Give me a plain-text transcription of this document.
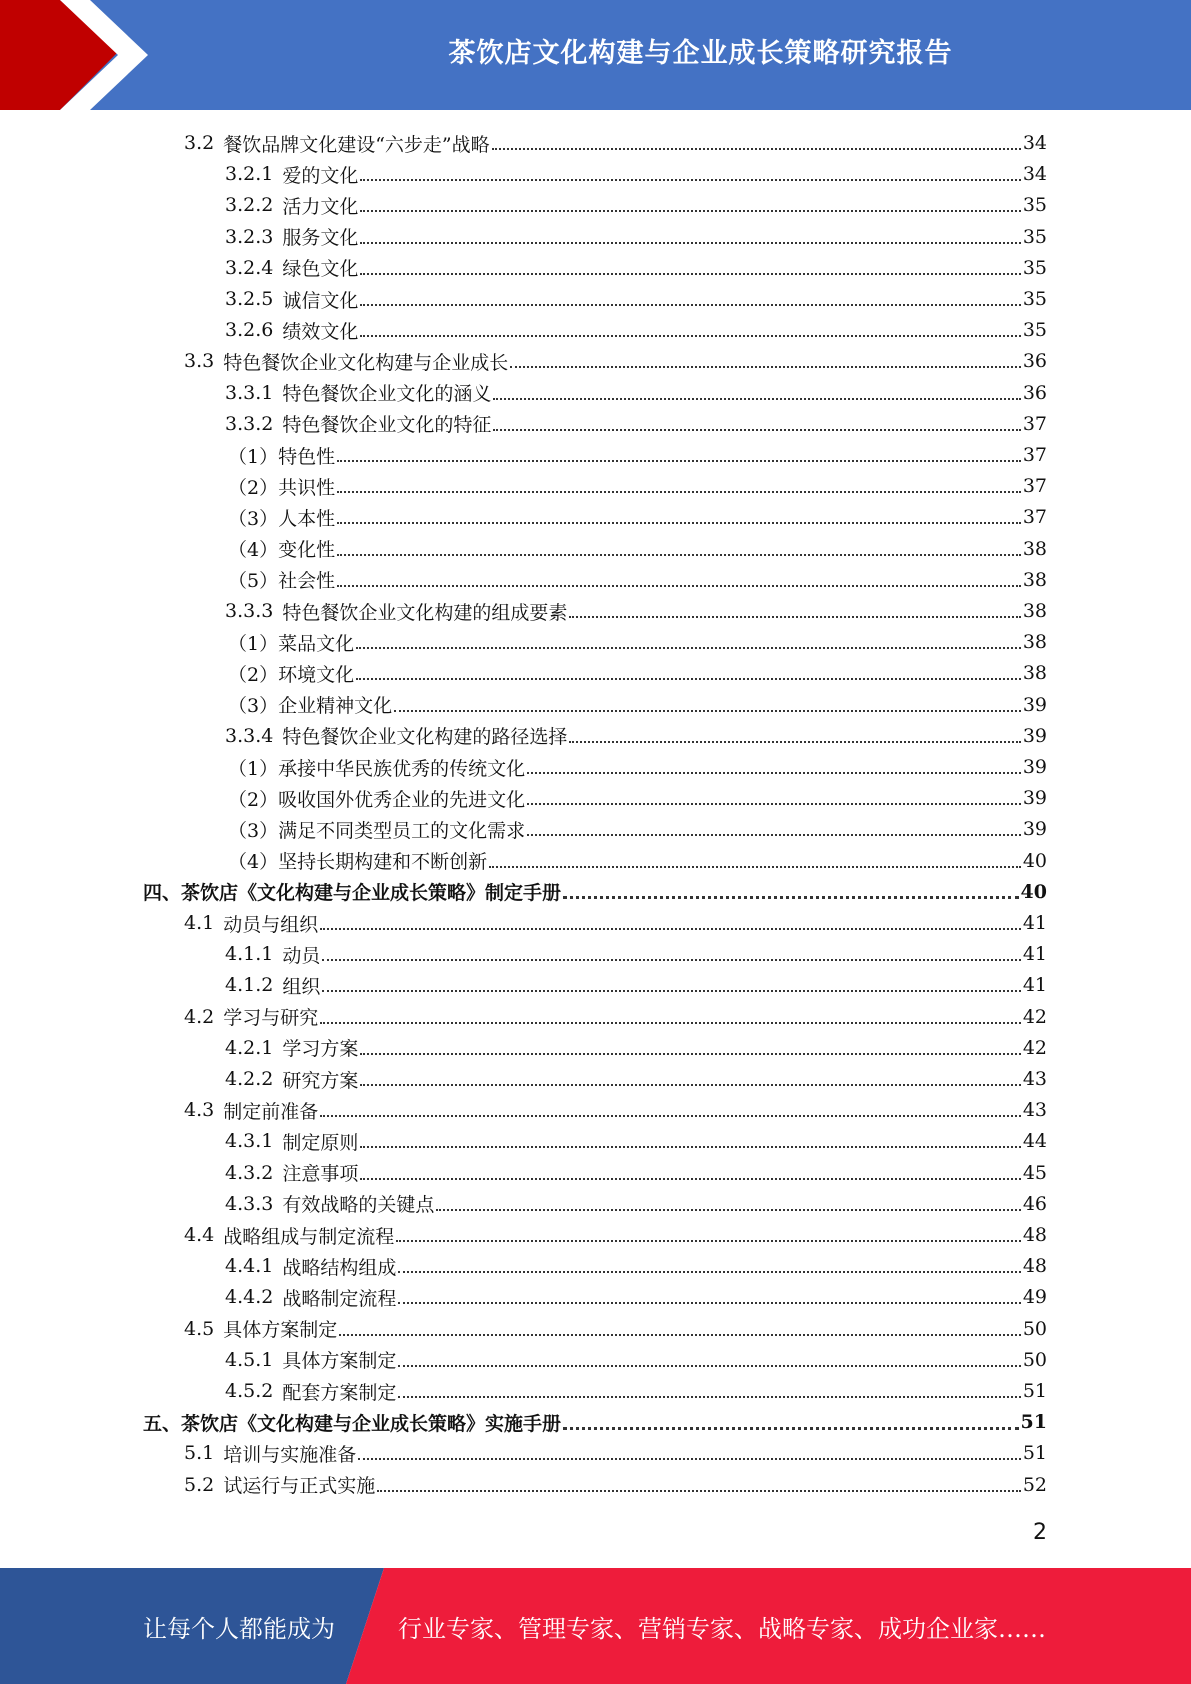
茶饮店文化构建与企业成长策略研究报告
3.2 餐饮品牌文化建设“六步走”战略	34
3.2.1 爱的文化	34
3.2.2 活力文化	35
3.2.3 服务文化	35
3.2.4 绿色文化	35
3.2.5 诚信文化	35
3.2.6 绩效文化	35
3.3 特色餐饮企业文化构建与企业成长	36
3.3.1 特色餐饮企业文化的涵义	36
3.3.2 特色餐饮企业文化的特征	37
（1）特色性	37
（2）共识性	37
（3）人本性	37
（4）变化性	38
（5）社会性	38
3.3.3 特色餐饮企业文化构建的组成要素	38
（1）菜品文化	38
（2）环境文化	38
（3）企业精神文化	39
3.3.4 特色餐饮企业文化构建的路径选择	39
（1）承接中华民族优秀的传统文化	39
（2）吸收国外优秀企业的先进文化	39
（3）满足不同类型员工的文化需求	39
（4）坚持长期构建和不断创新	40
四、茶饮店《文化构建与企业成长策略》制定手册	40
4.1 动员与组织	41
4.1.1 动员	41
4.1.2 组织	41
4.2 学习与研究	42
4.2.1 学习方案	42
4.2.2 研究方案	43
4.3 制定前准备	43
4.3.1 制定原则	44
4.3.2 注意事项	45
4.3.3 有效战略的关键点	46
4.4 战略组成与制定流程	48
4.4.1 战略结构组成	48
4.4.2 战略制定流程	49
4.5 具体方案制定	50
4.5.1 具体方案制定	50
4.5.2 配套方案制定	51
五、茶饮店《文化构建与企业成长策略》实施手册	51
5.1 培训与实施准备	51
5.2 试运行与正式实施	52
2
让每个人都能成为	行业专家、管理专家、营销专家、战略专家、成功企业家……
